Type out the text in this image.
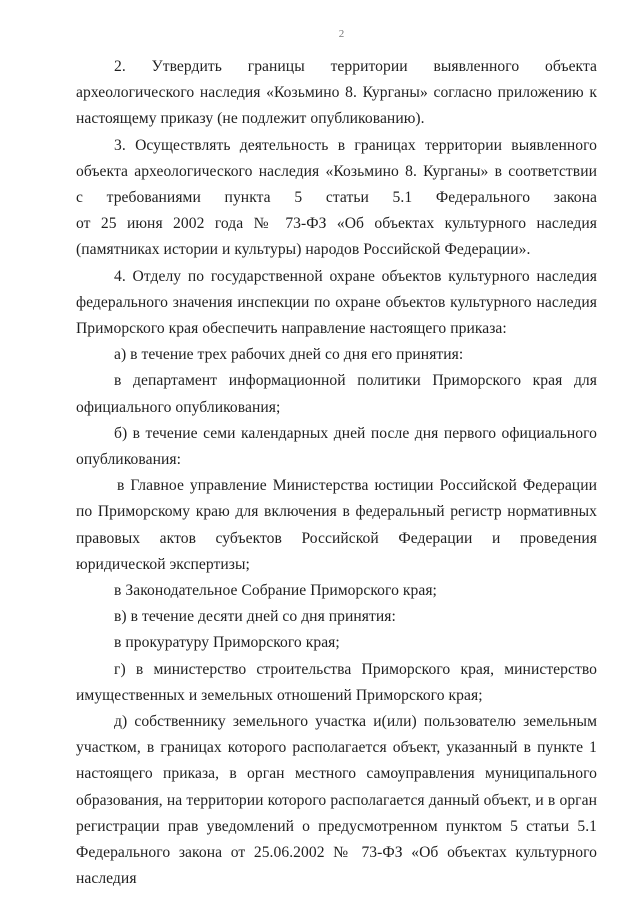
2

2. Утвердить границы территории выявленного объекта археологического наследия «Козьмино 8. Курганы» согласно приложению к настоящему приказу (не подлежит опубликованию).

3. Осуществлять деятельность в границах территории выявленного объекта археологического наследия «Козьмино 8. Курганы» в соответствии

с требованиями пункта 5 статьи 5.1 Федерального закона

от 25 июня 2002 года № 73-ФЗ «Об объектах культурного наследия (памятниках истории и культуры) народов Российской Федерации».

4. Отделу по государственной охране объектов культурного наследия федерального значения инспекции по охране объектов культурного наследия Приморского края обеспечить направление настоящего приказа:

а) в течение трех рабочих дней со дня его принятия:

в департамент информационной политики Приморского края для официального опубликования;

б) в течение семи календарных дней после дня первого официального опубликования:

в Главное управление Министерства юстиции Российской Федерации по Приморскому краю для включения в федеральный регистр нормативных правовых актов субъектов Российской Федерации и проведения юридической экспертизы;

в Законодательное Собрание Приморского края;

в) в течение десяти дней со дня принятия:

в прокуратуру Приморского края;

г) в министерство строительства Приморского края, министерство имущественных и земельных отношений Приморского края;

д) собственнику земельного участка и(или) пользователю земельным участком, в границах которого располагается объект, указанный в пункте 1 настоящего приказа, в орган местного самоуправления муниципального образования, на территории которого располагается данный объект, и в орган регистрации прав уведомлений о предусмотренном пунктом 5 статьи 5.1 Федерального закона от 25.06.2002 № 73-ФЗ «Об объектах культурного наследия
